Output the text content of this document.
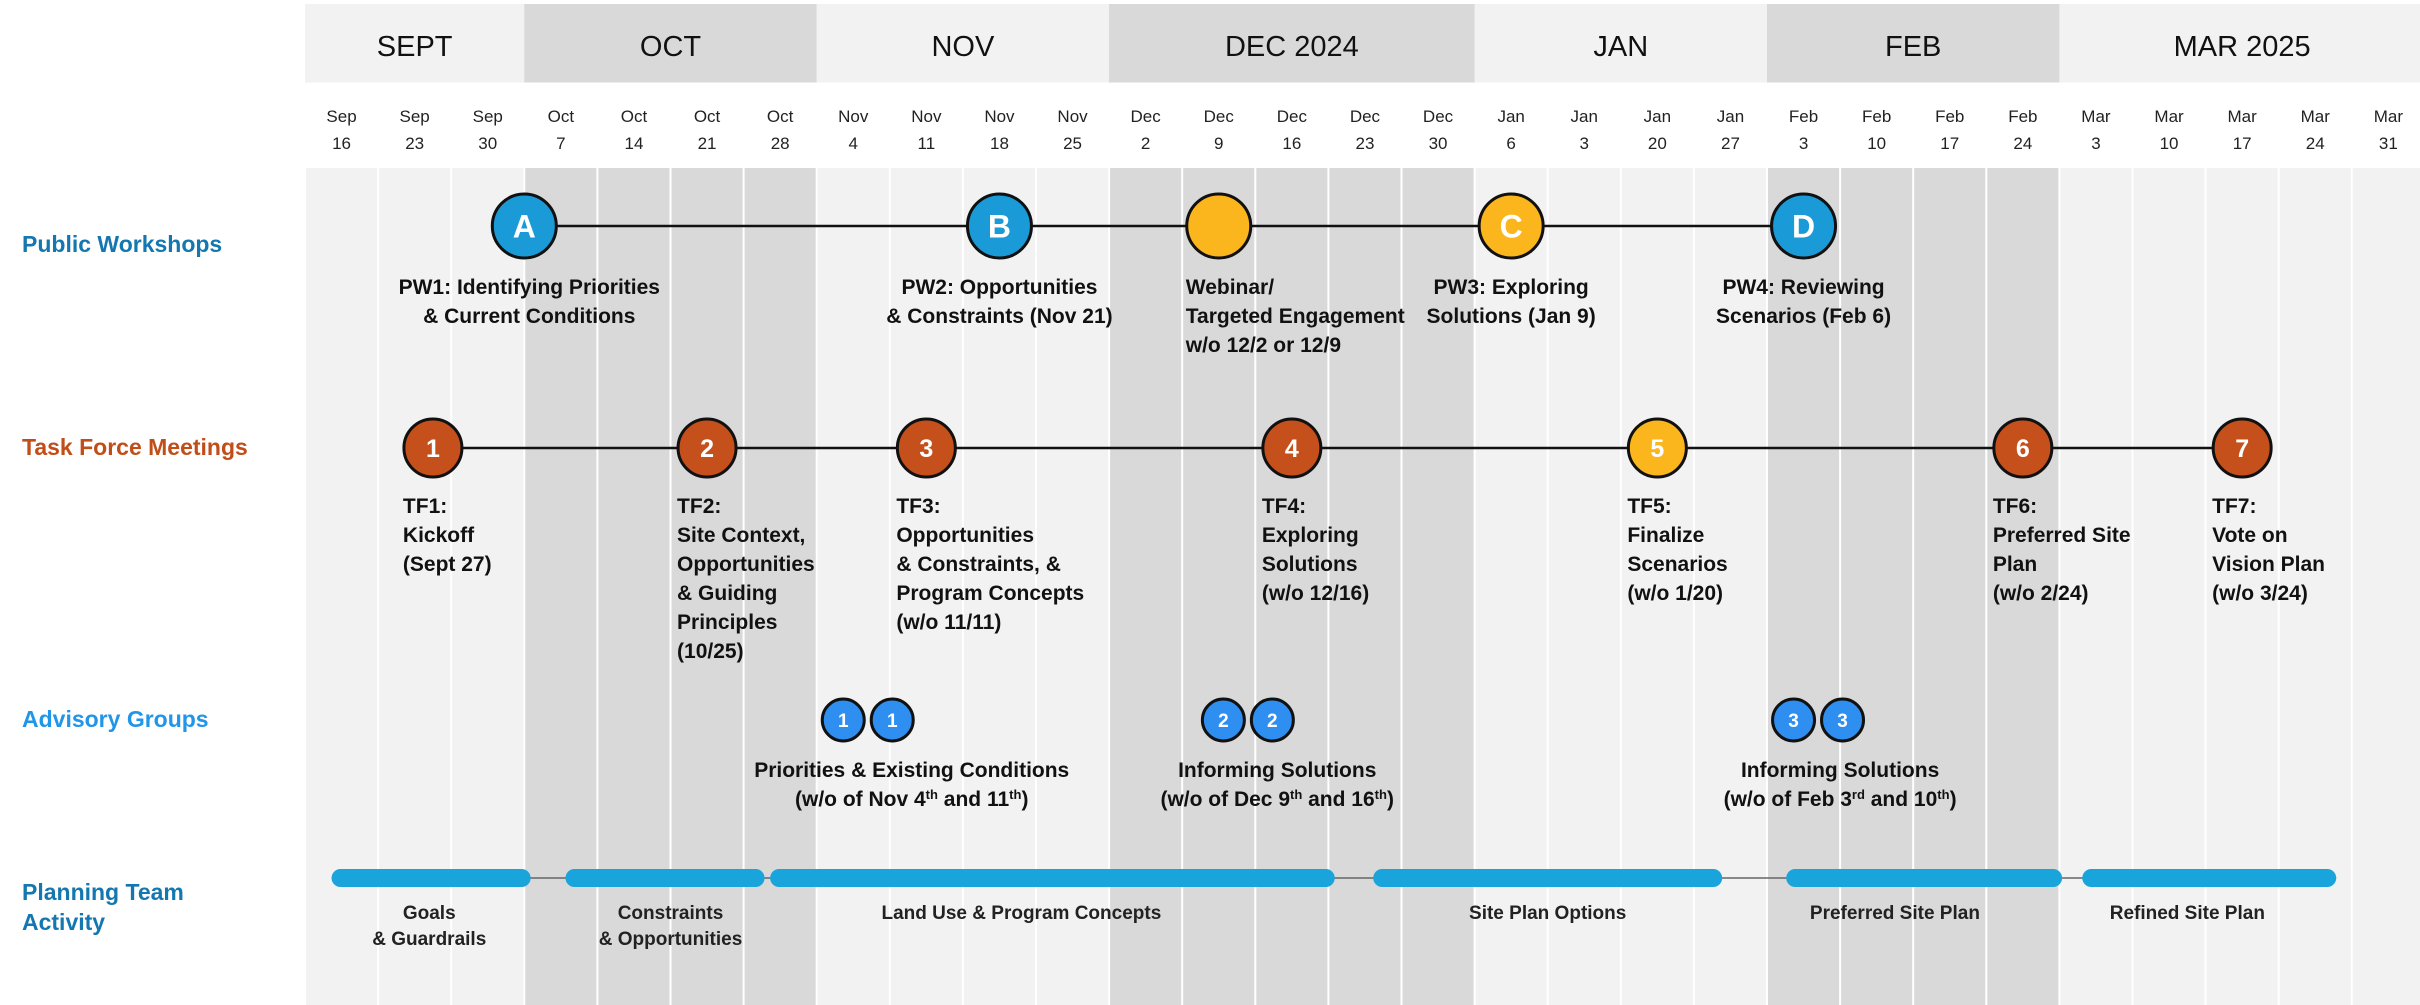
SEPT	OCT	NOV	DEC 2024	JAN	FEB	MAR 2025
Sep
16
Sep
23
Sep
30
Oct
7
Oct
14
Oct
21
Oct
28
Nov
4
Nov
11
Nov
18
Nov
25
Dec
2
Dec
9
Dec
16
Dec
23
Dec
30
Jan
6
Jan
3
Jan
20
Jan
27
Feb
3
Feb
10
Feb
17
Feb
24
Mar
3
Mar
10
Mar
17
Mar
24
Mar
31
Public Workshops
Task Force Meetings
Advisory Groups
Planning Team
Activity
A
PW1: Identifying Priorities
& Current Conditions
B
PW2: Opportunities
& Constraints (Nov 21)
Webinar/
Targeted Engagement
w/o 12/2 or 12/9
C
PW3: Exploring
Solutions (Jan 9)
D
PW4: Reviewing
Scenarios (Feb 6)
1
TF1:
Kickoff
(Sept 27)
2
TF2:
Site Context,
Opportunities
& Guiding
Principles
(10/25)
3
TF3:
Opportunities
& Constraints, &
Program Concepts
(w/o 11/11)
4
TF4:
Exploring
Solutions
(w/o 12/16)
5
TF5:
Finalize
Scenarios
(w/o 1/20)
6
TF6:
Preferred Site
Plan
(w/o 2/24)
7
TF7:
Vote on
Vision Plan
(w/o 3/24)
1 1
Priorities & Existing Conditions
(w/o of Nov 4th and 11th)
2 2
Informing Solutions
(w/o of Dec 9th and 16th)
3 3
Informing Solutions
(w/o of Feb 3rd and 10th)
Goals
& Guardrails
Constraints
& Opportunities
Land Use & Program Concepts	Site Plan Options	Preferred Site Plan	Refined Site Plan
